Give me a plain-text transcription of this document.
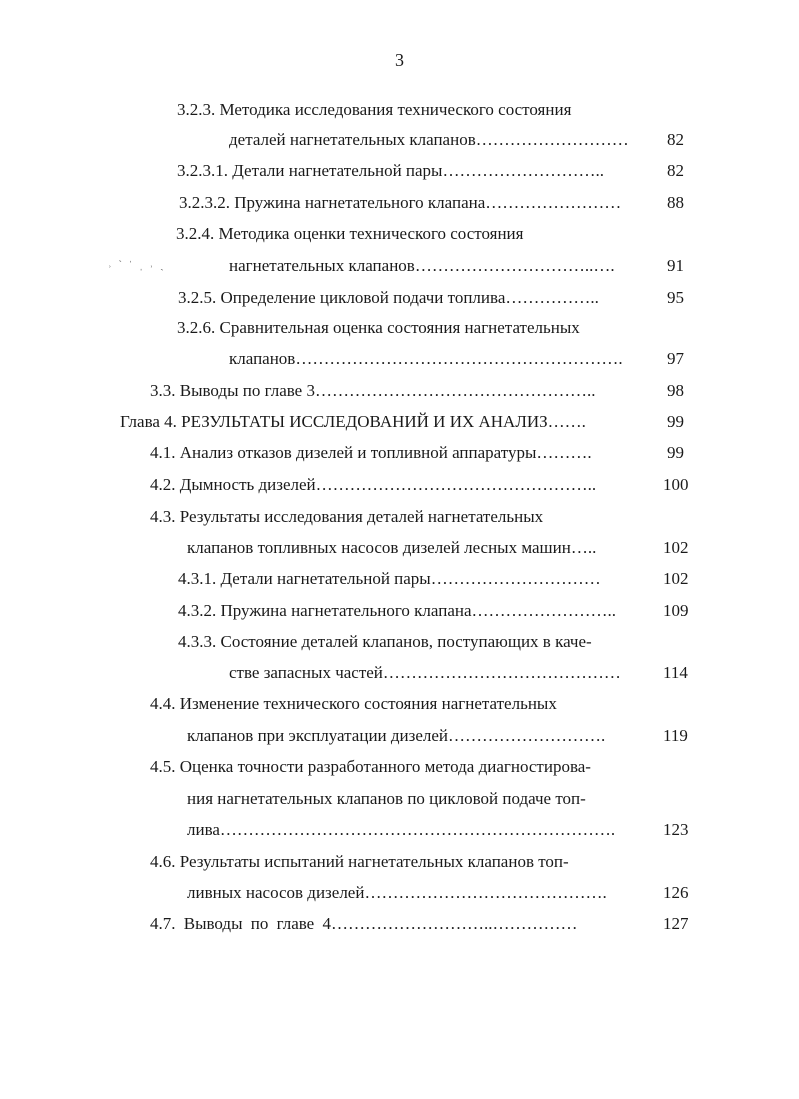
3
˒ ˋ ˈ ˌ ˒ ˎ
3.2.3. Методика исследования технического состояния
деталей нагнетательных клапанов………………………	82
3.2.3.1. Детали нагнетательной пары………………………..	82
3.2.3.2. Пружина нагнетательного клапана……………………	88
3.2.4. Методика оценки технического состояния
нагнетательных клапанов…………………………..….	91
3.2.5. Определение цикловой подачи топлива……………..	95
3.2.6. Сравнительная оценка состояния нагнетательных
клапанов………………………………………………….	97
3.3. Выводы по главе 3…………………………………………..	98
Глава 4. РЕЗУЛЬТАТЫ ИССЛЕДОВАНИЙ И ИХ АНАЛИЗ…….	99
4.1. Анализ отказов дизелей и топливной аппаратуры……….	99
4.2. Дымность дизелей…………………………………………..	100
4.3. Результаты исследования деталей нагнетательных
клапанов топливных насосов дизелей лесных машин…..	102
4.3.1. Детали нагнетательной пары…………………………	102
4.3.2. Пружина нагнетательного клапана……………………..	109
4.3.3. Состояние деталей клапанов, поступающих в каче-
стве запасных частей……………………………………	114
4.4. Изменение технического состояния нагнетательных
клапанов при эксплуатации дизелей……………………….	119
4.5. Оценка точности разработанного метода диагностирова-
ния нагнетательных клапанов по цикловой подаче топ-
лива…………………………………………………………….	123
4.6. Результаты испытаний нагнетательных клапанов топ-
ливных насосов дизелей…………………………………….	126
4.7. Выводы по главе 4………………………..……………	127
